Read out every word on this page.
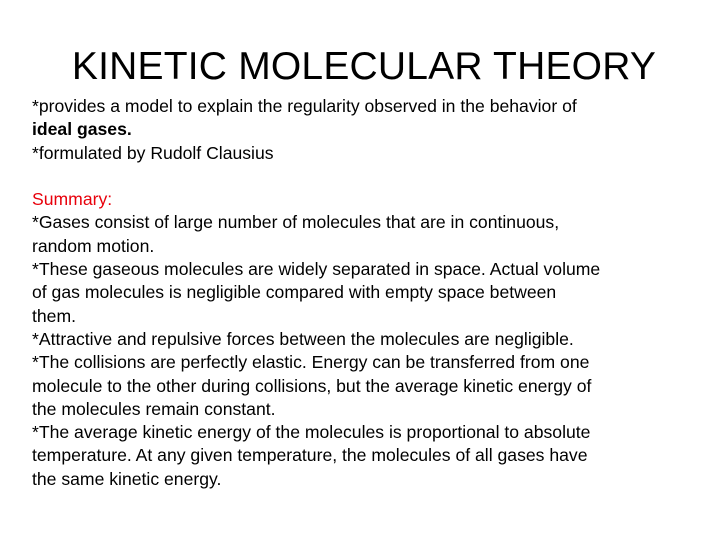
KINETIC MOLECULAR THEORY
*provides a model to explain the regularity observed in the behavior of
ideal gases.
*formulated by Rudolf Clausius
Summary:
*Gases consist of large number of molecules that are in continuous,
random motion.
*These gaseous molecules are widely separated in space. Actual volume
of gas molecules is negligible compared with empty space between
them.
*Attractive and repulsive forces between the molecules are negligible.
*The collisions are perfectly elastic. Energy can be transferred from one
molecule to the other during collisions, but the average kinetic energy of
the molecules remain constant.
*The average kinetic energy of the molecules is proportional to absolute
temperature. At any given temperature, the molecules of all gases have
the same kinetic energy.
